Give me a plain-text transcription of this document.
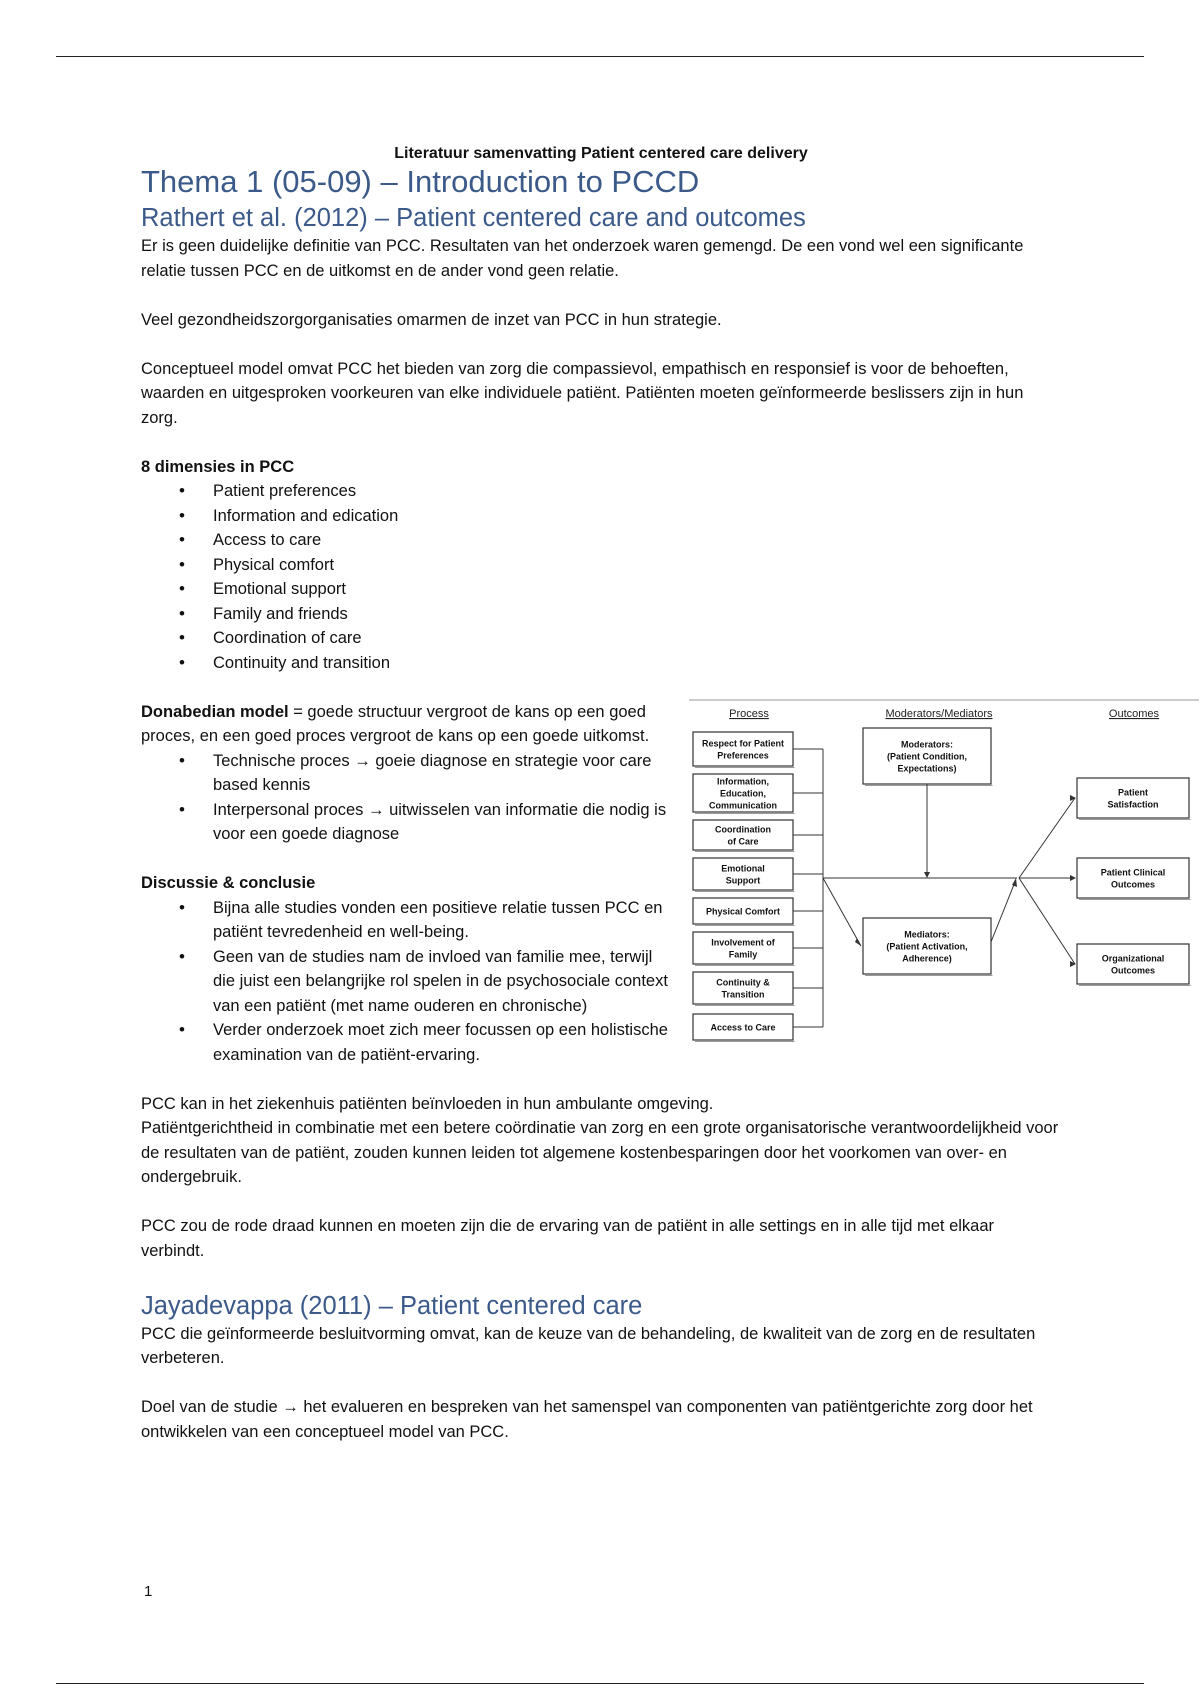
Literatuur samenvatting Patient centered care delivery
Thema 1 (05-09) – Introduction to PCCD
Rathert et al. (2012) – Patient centered care and outcomes

Er is geen duidelijke definitie van PCC. Resultaten van het onderzoek waren gemengd. De een vond wel een significante relatie tussen PCC en de uitkomst en de ander vond geen relatie.

Veel gezondheidszorgorganisaties omarmen de inzet van PCC in hun strategie.

Conceptueel model omvat PCC het bieden van zorg die compassievol, empathisch en responsief is voor de behoeften, waarden en uitgesproken voorkeuren van elke individuele patiënt. Patiënten moeten geïnformeerde beslissers zijn in hun zorg.

8 dimensies in PCC

• Patient preferences
• Information and edication
• Access to care
• Physical comfort
• Emotional support
• Family and friends
• Coordination of care
• Continuity and transition

Donabedian model = goede structuur vergroot de kans op een goed proces, en een goed proces vergroot de kans op een goede uitkomst.

• Technische proces → goeie diagnose en strategie voor care based kennis
• Interpersonal proces → uitwisselen van informatie die nodig is voor een goede diagnose

Discussie & conclusie

• Bijna alle studies vonden een positieve relatie tussen PCC en patiënt tevredenheid en well-being.
• Geen van de studies nam de invloed van familie mee, terwijl die juist een belangrijke rol spelen in de psychosociale context van een patiënt (met name ouderen en chronische)
• Verder onderzoek moet zich meer focussen op een holistische examination van de patiënt-ervaring.
Process	Moderators/Mediators	Outcomes
Respect for Patient
Preferences
Information,
Education,
Communication
Coordination
of Care
Emotional
Support
Physical Comfort
Involvement of
Family
Continuity &
Transition
Access to Care
Moderators:
(Patient Condition,
Expectations)
Mediators:
(Patient Activation,
Adherence)
Patient
Satisfaction
Patient Clinical
Outcomes
Organizational
Outcomes

PCC kan in het ziekenhuis patiënten beïnvloeden in hun ambulante omgeving.

Patiëntgerichtheid in combinatie met een betere coördinatie van zorg en een grote organisatorische verantwoordelijkheid voor de resultaten van de patiënt, zouden kunnen leiden tot algemene kostenbesparingen door het voorkomen van over- en ondergebruik.

PCC zou de rode draad kunnen en moeten zijn die de ervaring van de patiënt in alle settings en in alle tijd met elkaar verbindt.

Jayadevappa (2011) – Patient centered care

PCC die geïnformeerde besluitvorming omvat, kan de keuze van de behandeling, de kwaliteit van de zorg en de resultaten verbeteren.

Doel van de studie → het evalueren en bespreken van het samenspel van componenten van patiëntgerichte zorg door het ontwikkelen van een conceptueel model van PCC.

1
